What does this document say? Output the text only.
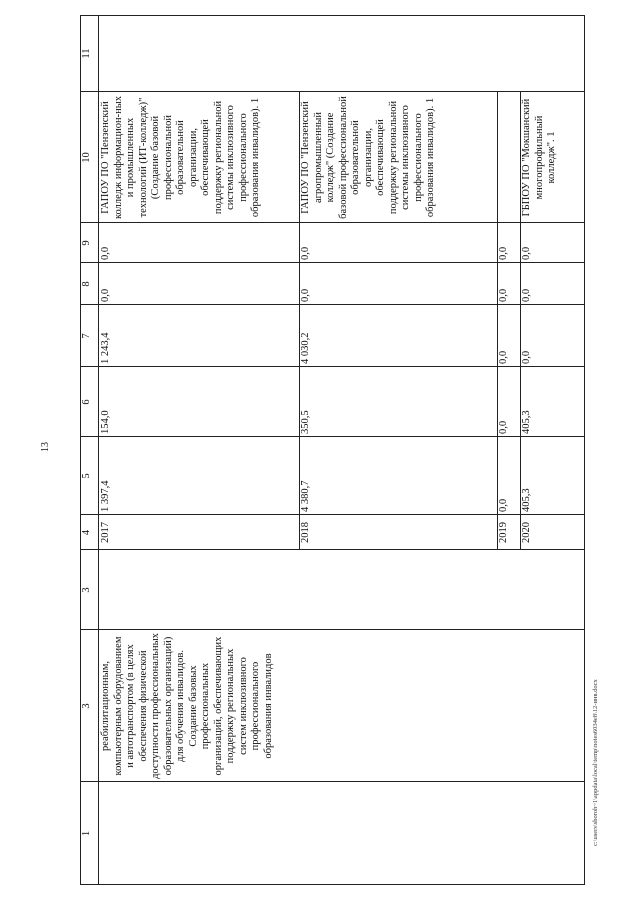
13
c:\users\sboroh~1\appdata\local\temp\notes6034e8\12-инв.docx
1
3
3
4
5
6
7
8
9
10
11
реабилитационным, компьютерным оборудованием и автотранспортом (в целях обеспечения физической доступности профессиональных образовательных организаций) для обучения инвалидов. Создание базовых профессиональных организаций, обеспечивающих поддержку региональных систем инклюзивного профессионального образования инвалидов
2017
1 397,4
154,0
1 243,4
0,0
0,0
ГАПОУ ПО "Пензенский колледж информацион-ных и промышленных технологий (ИТ-колледж)" (Создание базовой профессиональной образовательной организации, обеспечивающей поддержку региональной системы инклюзивного профессионального образования инвалидов). 1
2018
4 380,7
350,5
4 030,2
0,0
0,0
ГАПОУ ПО "Пензенский агропромышленный колледж" (Создание базовой профессиональной образовательной организации, обеспечивающей поддержку региональной системы инклюзивного профессионального образования инвалидов). 1
2019
0,0
0,0
0,0
0,0
0,0
2020
405,3
405,3
0,0
0,0
0,0
ГБПОУ ПО "Мокшанский многопрофильный колледж". 1
